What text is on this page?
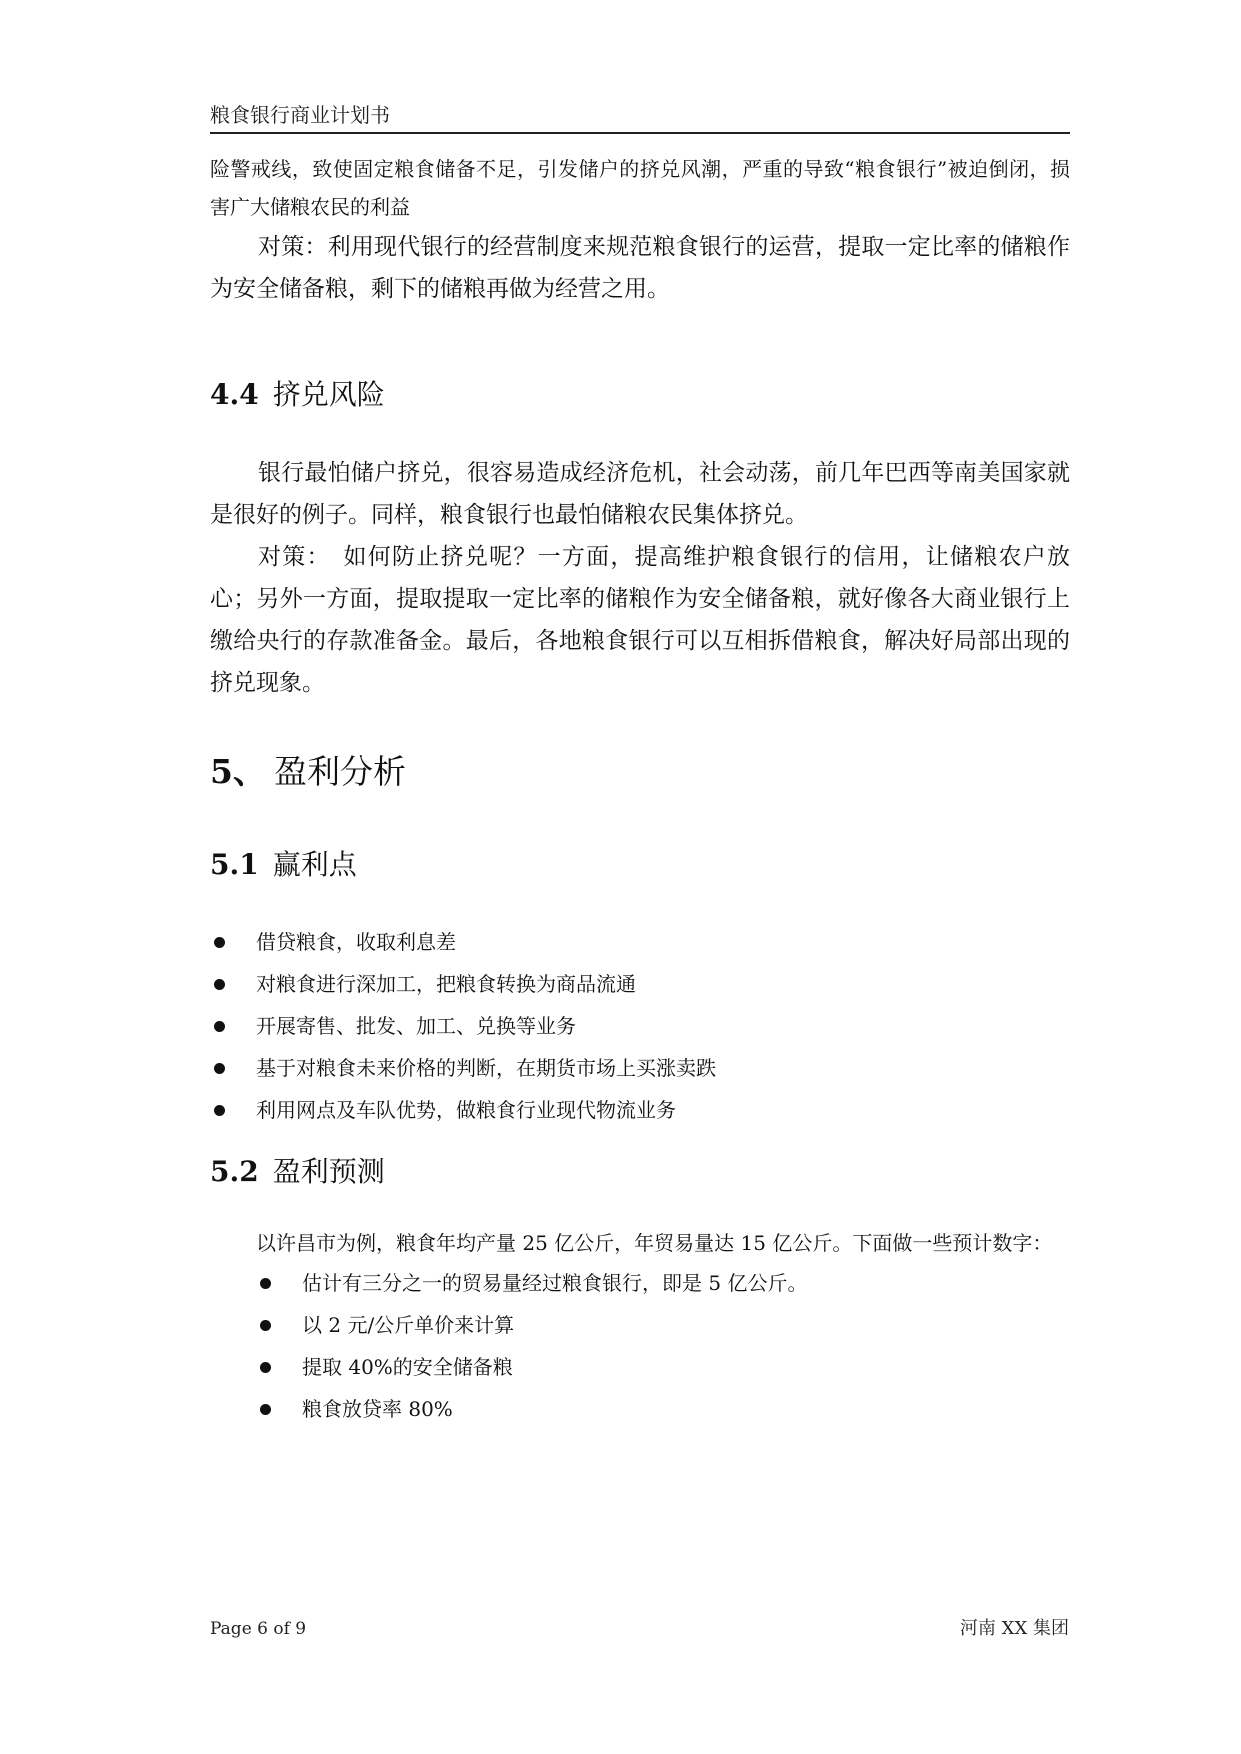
粮食银行商业计划书

险警戒线，致使固定粮食储备不足，引发储户的挤兑风潮，严重的导致“粮食银行”被迫倒闭，损害广大储粮农民的利益

对策：利用现代银行的经营制度来规范粮食银行的运营，提取一定比率的储粮作为安全储备粮，剩下的储粮再做为经营之用。

4.4 挤兑风险

银行最怕储户挤兑，很容易造成经济危机，社会动荡，前几年巴西等南美国家就是很好的例子。同样，粮食银行也最怕储粮农民集体挤兑。

对策：　如何防止挤兑呢？一方面，提高维护粮食银行的信用，让储粮农户放心；另外一方面，提取提取一定比率的储粮作为安全储备粮，就好像各大商业银行上缴给央行的存款准备金。最后，各地粮食银行可以互相拆借粮食，解决好局部出现的挤兑现象。

5、 盈利分析
5.1 赢利点
借贷粮食，收取利息差
对粮食进行深加工，把粮食转换为商品流通
开展寄售、批发、加工、兑换等业务
基于对粮食未来价格的判断，在期货市场上买涨卖跌
利用网点及车队优势，做粮食行业现代物流业务
5.2 盈利预测
以许昌市为例，粮食年均产量 25 亿公斤，年贸易量达 15 亿公斤。下面做一些预计数字：
估计有三分之一的贸易量经过粮食银行，即是 5 亿公斤。
以 2 元/公斤单价来计算
提取 40%的安全储备粮
粮食放贷率 80%
Page 6 of 9	河南 XX 集团
